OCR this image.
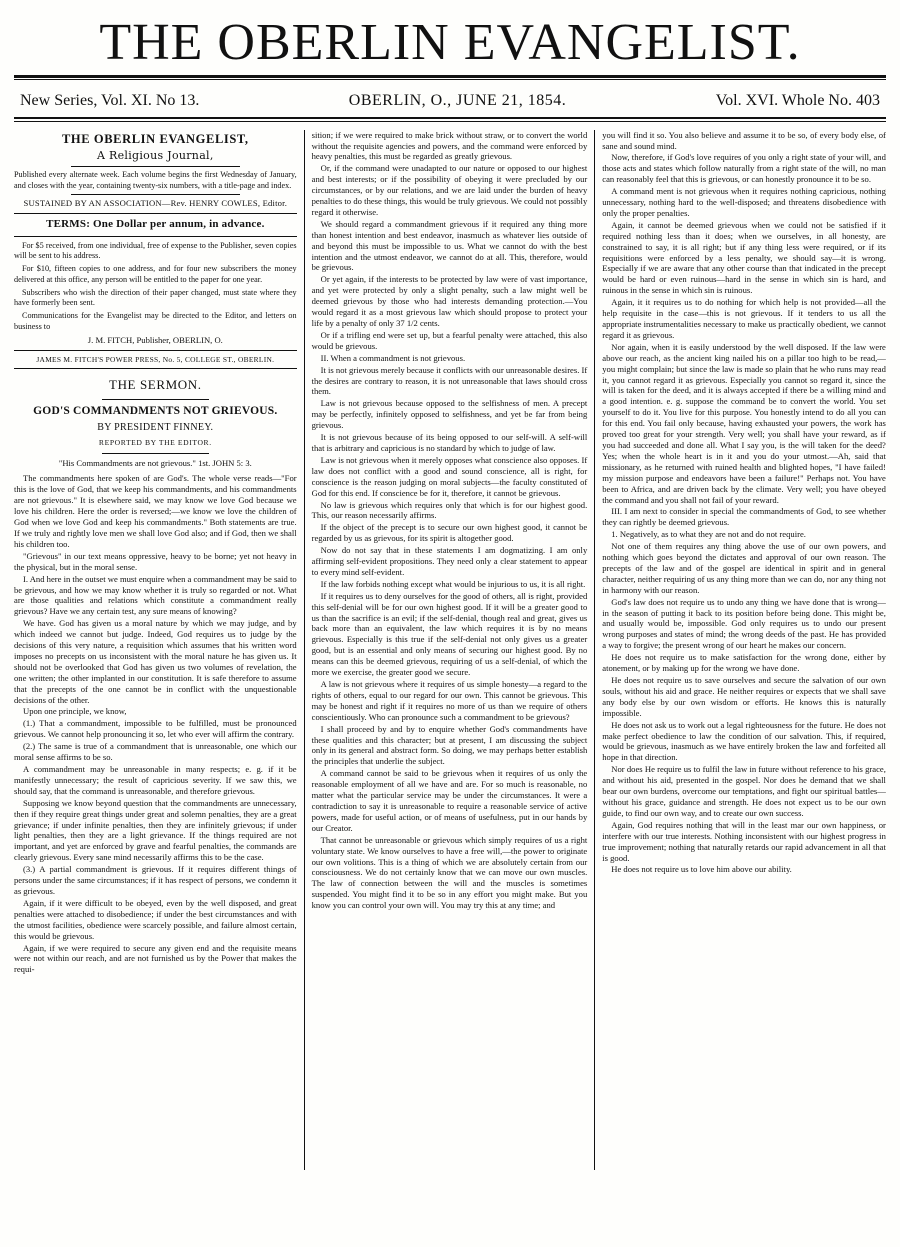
THE OBERLIN EVANGELIST.
New Series, Vol. XI. No 13.	OBERLIN, O., JUNE 21, 1854.	Vol. XVI. Whole No. 403
THE OBERLIN EVANGELIST,
A Religious Journal,
Published every alternate week. Each volume begins the first Wednesday of January, and closes with the year, containing twenty-six numbers, with a title-page and index.
SUSTAINED BY AN ASSOCIATION—Rev. HENRY COWLES, Editor.
TERMS: One Dollar per annum, in advance.
For $5 received, from one individual, free of expense to the Publisher, seven copies will be sent to his address.
For $10, fifteen copies to one address, and for four new subscribers the money delivered at this office, any person will be entitled to the paper for one year.
Subscribers who wish the direction of their paper changed, must state where they have formerly been sent.
Communications for the Evangelist may be directed to the Editor, and letters on business to
J. M. FITCH, Publisher, OBERLIN, O.
JAMES M. FITCH'S POWER PRESS, No. 5, COLLEGE ST., OBERLIN.
THE SERMON.
GOD'S COMMANDMENTS NOT GRIEVOUS.
BY PRESIDENT FINNEY.
REPORTED BY THE EDITOR.
"His Commandments are not grievous." 1st. JOHN 5: 3.

The commandments here spoken of are God's. The whole verse reads—"For this is the love of God, that we keep his commandments, and his commandments are not grievous." It is elsewhere said, we may know we love God because we love his children. Here the order is reversed;—we know we love the children of God when we love God and keep his commandments." Both statements are true. If we truly and rightly love men we shall love God also; and if God, then we shall his children too.

"Grievous" in our text means oppressive, heavy to be borne; yet not heavy in the physical, but in the moral sense.

I. And here in the outset we must enquire when a commandment may be said to be grievous, and how we may know whether it is truly so regarded or not. What are those qualities and relations which constitute a commandment really grievous? Have we any certain test, any sure means of knowing?

We have. God has given us a moral nature by which we may judge, and by which indeed we cannot but judge. Indeed, God requires us to judge by the decisions of this very nature, a requisition which assumes that his written word imposes no precepts on us inconsistent with the moral nature he has given us. It should not be overlooked that God has given us two volumes of revelation, the one written; the other implanted in our constitution. It is safe therefore to assume that the precepts of the one cannot be in conflict with the unquestionable decisions of the other.

Upon one principle, we know,

(1.) That a commandment, impossible to be fulfilled, must be pronounced grievous. We cannot help pronouncing it so, let who ever will affirm the contrary.

(2.) The same is true of a commandment that is unreasonable, one which our moral sense affirms to be so.

A commandment may be unreasonable in many respects; e. g. if it be manifestly unnecessary; the result of capricious severity. If we saw this, we should say, that the command is unreasonable, and therefore grievous.

Supposing we know beyond question that the commandments are unnecessary, then if they require great things under great and solemn penalties, they are a great grievance; if under infinite penalties, then they are infinitely grievous; if under light penalties, then they are a light grievance. If the things required are not important, and yet are enforced by grave and fearful penalties, the commands are clearly grievous. Every sane mind necessarily affirms this to be the case.

(3.) A partial commandment is grievous. If it requires different things of persons under the same circumstances; if it has respect of persons, we condemn it as grievous.

Again, if it were difficult to be obeyed, even by the well disposed, and great penalties were attached to disobedience; if under the best circumstances and with the utmost facilities, obedience were scarcely possible, and failure almost certain, this would be grievous.

Again, if we were required to secure any given end and the requisite means were not within our reach, and are not furnished us by the Power that makes the requi-

sition; if we were required to make brick without straw, or to convert the world without the requisite agencies and powers, and the command were enforced by heavy penalties, this must be regarded as greatly grievous.

Or, if the command were unadapted to our nature or opposed to our highest and best interests; or if the possibility of obeying it were precluded by our circumstances, or by our relations, and we are laid under the burden of heavy penalties to do these things, this would be truly grievous. We could not possibly regard it otherwise.

We should regard a commandment grievous if it required any thing more than honest intention and best endeavor, inasmuch as whatever lies outside of and beyond this must be impossible to us. What we cannot do with the best intention and the utmost endeavor, we cannot do at all. This, therefore, would be grievous.

Or yet again, if the interests to be protected by law were of vast importance, and yet were protected by only a slight penalty, such a law might well be deemed grievous by those who had interests demanding protection.—You would regard it as a most grievous law which should propose to protect your life by a penalty of only 37 1/2 cents.

Or if a trifling end were set up, but a fearful penalty were attached, this also would be grievous.

II. When a commandment is not grievous.

It is not grievous merely because it conflicts with our unreasonable desires. If the desires are contrary to reason, it is not unreasonable that laws should cross them.

Law is not grievous because opposed to the selfishness of men. A precept may be perfectly, infinitely opposed to selfishness, and yet be far from being grievous.

It is not grievous because of its being opposed to our self-will. A self-will that is arbitrary and capricious is no standard by which to judge of law.

Law is not grievous when it merely opposes what conscience also opposes. If law does not conflict with a good and sound conscience, all is right, for conscience is the reason judging on moral subjects—the faculty constituted of God for this end. If conscience be for it, therefore, it cannot be grievous.

No law is grievous which requires only that which is for our highest good. This, our reason necessarily affirms.

If the object of the precept is to secure our own highest good, it cannot be regarded by us as grievous, for its spirit is altogether good.

Now do not say that in these statements I am dogmatizing. I am only affirming self-evident propositions. They need only a clear statement to appear to every mind self-evident.

If the law forbids nothing except what would be injurious to us, it is all right.

If it requires us to deny ourselves for the good of others, all is right, provided this self-denial will be for our own highest good. If it will be a greater good to us than the sacrifice is an evil; if the self-denial, though real and great, gives us back more than an equivalent, the law which requires it is by no means grievous. Especially is this true if the self-denial not only gives us a greater good, but is an essential and only means of securing our highest good. By no means can this be deemed grievous, requiring of us a self-denial, of which the more we exercise, the greater good we secure.

A law is not grievous where it requires of us simple honesty—a regard to the rights of others, equal to our regard for our own. This cannot be grievous. This may be honest and right if it requires no more of us than we require of others conscientiously. Who can pronounce such a commandment to be grievous?

I shall proceed by and by to enquire whether God's commandments have these qualities and this character; but at present, I am discussing the subject only in its general and abstract form. So doing, we may perhaps better establish the principles that underlie the subject.

A command cannot be said to be grievous when it requires of us only the reasonable employment of all we have and are. For so much is reasonable, no matter what the particular service may be under the circumstances. It were a contradiction to say it is unreasonable to require a reasonable service of active powers, made for useful action, or of means of usefulness, put in our hands by our Creator.

That cannot be unreasonable or grievous which simply requires of us a right voluntary state. We know ourselves to have a free will,—the power to originate our own volitions. This is a thing of which we are absolutely certain from our consciousness. We do not certainly know that we can move our own muscles. The law of connection between the will and the muscles is sometimes suspended. You might find it to be so in any effort you might make. But you know you can control your own will. You may try this at any time; and

you will find it so. You also believe and assume it to be so, of every body else, of sane and sound mind.

Now, therefore, if God's love requires of you only a right state of your will, and those acts and states which follow naturally from a right state of the will, no man can reasonably feel that this is grievous, or can honestly pronounce it to be so.

A command ment is not grievous when it requires nothing capricious, nothing unnecessary, nothing hard to the well-disposed; and threatens disobedience with only the proper penalties.

Again, it cannot be deemed grievous when we could not be satisfied if it required nothing less than it does; when we ourselves, in all honesty, are constrained to say, it is all right; but if any thing less were required, or if its requisitions were enforced by a less penalty, we should say—it is wrong. Especially if we are aware that any other course than that indicated in the precept would be hard or even ruinous—hard in the sense in which sin is hard, and ruinous in the sense in which sin is ruinous.

Again, it it requires us to do nothing for which help is not provided—all the help requisite in the case—this is not grievous. If it tenders to us all the appropriate instrumentalities necessary to make us practically obedient, we cannot regard it as grievous.

Nor again, when it is easily understood by the well disposed. If the law were above our reach, as the ancient king nailed his on a pillar too high to be read,—you might complain; but since the law is made so plain that he who runs may read it, you cannot regard it as grievous. Especially you cannot so regard it, since the will is taken for the deed, and it is always accepted if there be a willing mind and a good intention. e. g. suppose the command be to convert the world. You set yourself to do it. You live for this purpose. You honestly intend to do all you can for this end. You fail only because, having exhausted your powers, the work has proved too great for your strength. Very well; you shall have your reward, as if you had succeeded and done all. What I say you, is the will taken for the deed? Yes; when the whole heart is in it and you do your utmost.—Ah, said that missionary, as he returned with ruined health and blighted hopes, "I have failed! my mission purpose and endeavors have been a failure!" Perhaps not. You have been to Africa, and are driven back by the climate. Very well; you have obeyed the command and you shall not fail of your reward.

III. I am next to consider in special the commandments of God, to see whether they can rightly be deemed grievous.

1. Negatively, as to what they are not and do not require.

Not one of them requires any thing above the use of our own powers, and nothing which goes beyond the dictates and approval of our own reason. The precepts of the law and of the gospel are identical in spirit and in general character, neither requiring of us any thing more than we can do, nor any thing not in harmony with our reason.

God's law does not require us to undo any thing we have done that is wrong—in the season of putting it back to its position before being done. This might be, and usually would be, impossible. God only requires us to undo our present wrong purposes and states of mind; the wrong deeds of the past. He has provided a way to forgive; the present wrong of our heart he makes our concern.

He does not require us to make satisfaction for the wrong done, either by atonement, or by making up for the wrong we have done.

He does not require us to save ourselves and secure the salvation of our own souls, without his aid and grace. He neither requires or expects that we shall save any body else by our own wisdom or efforts. He knows this is naturally impossible.

He does not ask us to work out a legal righteousness for the future. He does not make perfect obedience to law the condition of our salvation. This, if required, would be grievous, inasmuch as we have entirely broken the law and forfeited all hope in that direction.

Nor does He require us to fulfil the law in future without reference to his grace, and without his aid, presented in the gospel. Nor does he demand that we shall bear our own burdens, overcome our temptations, and fight our spiritual battles—without his grace, guidance and strength. He does not expect us to be our own guide, to find our own way, and to create our own success.

Again, God requires nothing that will in the least mar our own happiness, or interfere with our true interests. Nothing inconsistent with our highest progress in true improvement; nothing that naturally retards our rapid advancement in all that is good.

He does not require us to love him above our ability.
